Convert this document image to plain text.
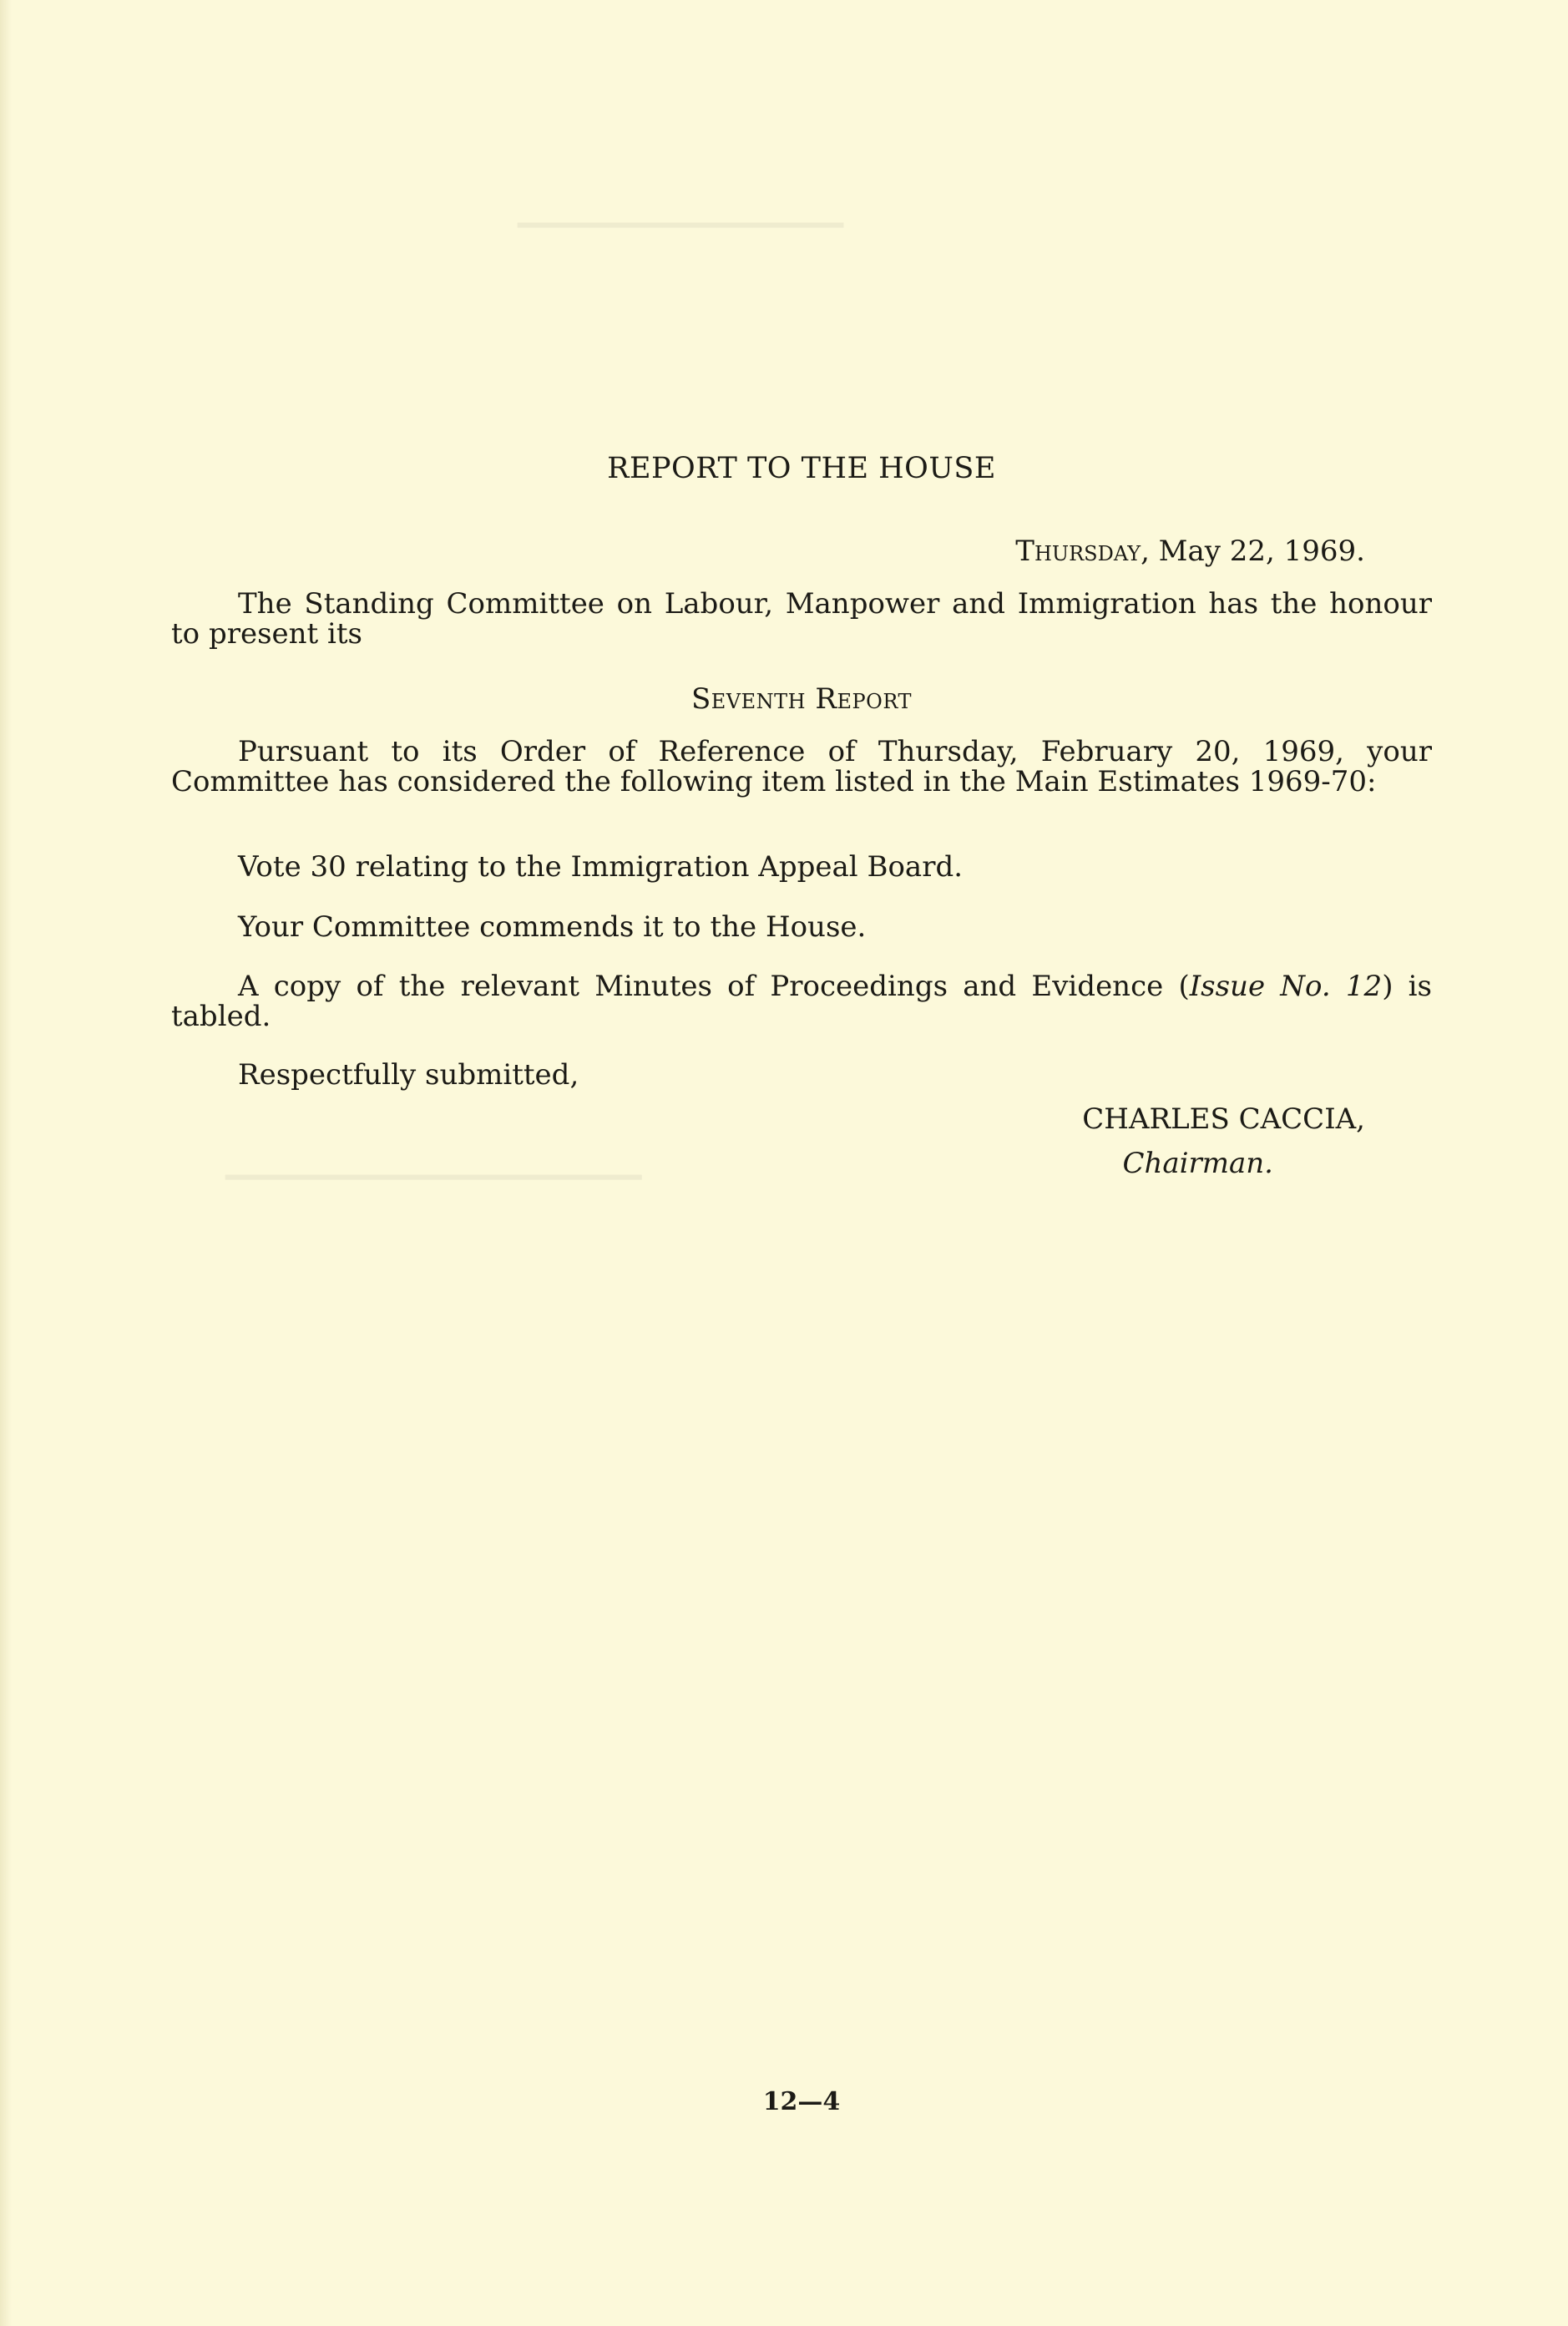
REPORT TO THE HOUSE
Thursday, May 22, 1969.
The Standing Committee on Labour, Manpower and Immigration has the honour to present its
Seventh Report
Pursuant to its Order of Reference of Thursday, February 20, 1969, your Committee has considered the following item listed in the Main Estimates 1969-70:
Vote 30 relating to the Immigration Appeal Board.
Your Committee commends it to the House.
A copy of the relevant Minutes of Proceedings and Evidence (Issue No. 12) is tabled.
Respectfully submitted,
CHARLES CACCIA,
Chairman.
12—4
━━━━━━━━━━━━━━━━━━
━━━━━━━━━━━━━━━━━━━━━━━
